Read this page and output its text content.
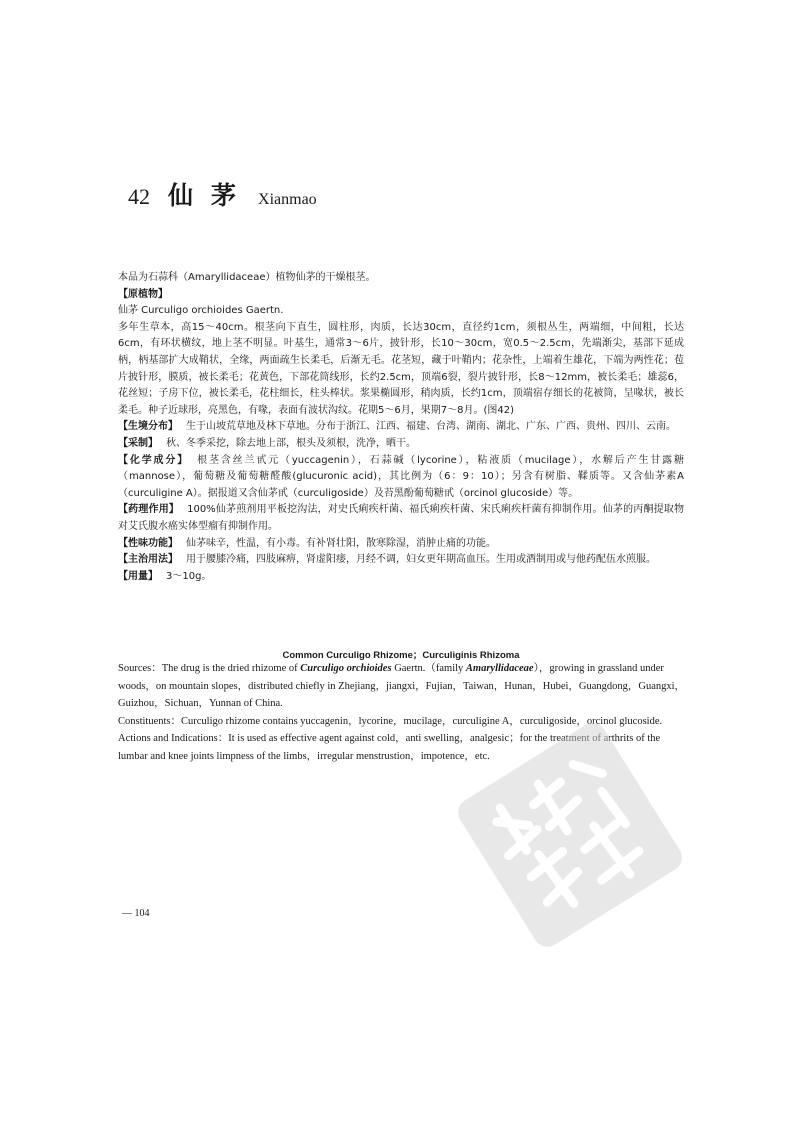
42 仙茅 Xianmao

本品为石蒜科（Amaryllidaceae）植物仙茅的干燥根茎。

【原植物】

仙茅 Curculigo orchioides Gaertn.

多年生草本，高15～40cm。根茎向下直生，圆柱形，肉质，长达30cm，直径约1cm，须根丛生，两端细，中间粗，长达6cm，有环状横纹，地上茎不明显。叶基生，通常3～6片，披针形，长10～30cm，宽0.5～2.5cm，先端渐尖，基部下延成柄，柄基部扩大成鞘状，全缘，两面疏生长柔毛，后渐无毛。花茎短，藏于叶鞘内；花杂性，上端着生雄花，下端为两性花；苞片披针形，膜质，被长柔毛；花黄色，下部花筒线形，长约2.5cm，顶端6裂，裂片披针形，长8～12mm，被长柔毛；雄蕊6，花丝短；子房下位，被长柔毛，花柱细长，柱头棒状。浆果椭圆形，稍肉质，长约1cm，顶端宿存细长的花被筒，呈喙状，被长柔毛。种子近球形，亮黑色，有喙，表面有波状沟纹。花期5～6月，果期7～8月。(图42)

【生境分布】 生于山坡荒草地及林下草地。分布于浙江、江西、福建、台湾、湖南、湖北、广东、广西、贵州、四川、云南。

【采制】 秋、冬季采挖，除去地上部，根头及须根，洗净，晒干。

【化学成分】 根茎含丝兰甙元（yuccagenin），石蒜碱（lycorine），粘液质（mucilage），水解后产生甘露糖（mannose），葡萄糖及葡萄糖醛酸(glucuronic acid)，其比例为（6：9：10）；另含有树脂、鞣质等。又含仙茅素A（curculigine A）。据报道又含仙茅甙（curculigoside）及苔黑酚葡萄糖甙（orcinol glucoside）等。

【药理作用】 100%仙茅煎剂用平板挖沟法，对史氏痢疾杆菌、福氏痢疾杆菌、宋氏痢疾杆菌有抑制作用。仙茅的丙酮提取物对艾氏腹水癌实体型瘤有抑制作用。

【性味功能】 仙茅味辛，性温，有小毒。有补肾壮阳，散寒除湿，消肿止痛的功能。

【主治用法】 用于腰膝冷痛，四肢麻痹，肾虚阳痿，月经不调，妇女更年期高血压。生用或酒制用或与他药配伍水煎服。

【用量】 3～10g。

Common Curculigo Rhizome；Curculiginis Rhizoma

Sources：The drug is the dried rhizome of Curculigo orchioides Gaertn.（family Amaryllidaceae），growing in grassland under woods，on mountain slopes，distributed chiefly in Zhejiang，jiangxi，Fujian，Taiwan，Hunan，Hubei，Guangdong，Guangxi，Guizhou，Sichuan，Yunnan of China.

Constituents：Curculigo rhizome contains yuccagenin，lycorine，mucilage，curculigine A，curculigoside，orcinol glucoside.

Actions and Indications：It is used as effective agent against cold，anti swelling，analgesic；for the treatment of arthrits of the lumbar and knee joints limpness of the limbs，irregular menstrustion，impotence，etc.

— 104
